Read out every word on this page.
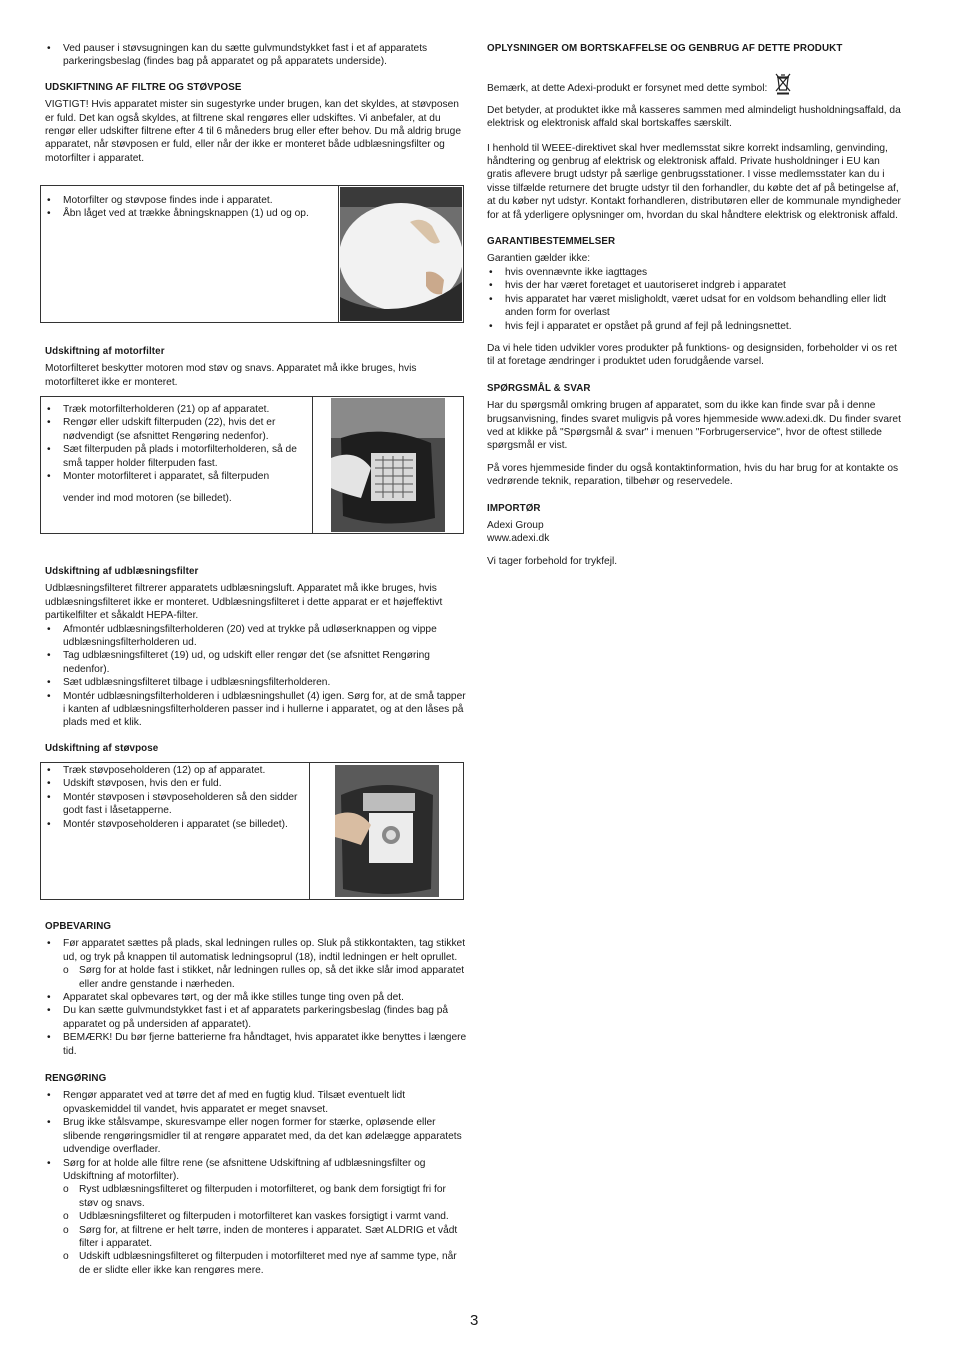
• Ved pauser i støvsugningen kan du sætte gulvmundstykket fast i et af apparatets parkeringsbeslag (findes bag på apparatet og på apparatets underside).
UDSKIFTNING AF FILTRE OG STØVPOSE

VIGTIGT! Hvis apparatet mister sin sugestyrke under brugen, kan det skyldes, at støvposen er fuld. Det kan også skyldes, at filtrene skal rengøres eller udskiftes. Vi anbefaler, at du rengør eller udskifter filtrene efter 4 til 6 måneders brug eller efter behov. Du må aldrig bruge apparatet, når støvposen er fuld, eller når der ikke er monteret både udblæsningsfilter og motorfilter i apparatet.

• Motorfilter og støvpose findes inde i apparatet.
• Åbn låget ved at trække åbningsknappen (1) ud og op.
Udskiftning af motorfilter

Motorfilteret beskytter motoren mod støv og snavs. Apparatet må ikke bruges, hvis motorfilteret ikke er monteret.

• Træk motorfilterholderen (21) op af apparatet.
• Rengør eller udskift filterpuden (22), hvis det er nødvendigt (se afsnittet Rengøring nedenfor).
• Sæt filterpuden på plads i motorfilterholderen, så de små tapper holder filterpuden fast.
• Monter motorfilteret i apparatet, så filterpuden

vender ind mod motoren (se billedet).

Udskiftning af udblæsningsfilter

Udblæsningsfilteret filtrerer apparatets udblæsningsluft. Apparatet må ikke bruges, hvis udblæsningsfilteret ikke er monteret. Udblæsningsfilteret i dette apparat er et højeffektivt partikelfilter et såkaldt HEPA-filter.

• Afmontér udblæsningsfilterholderen (20) ved at trykke på udløserknappen og vippe udblæsningsfilterholderen ud.
• Tag udblæsningsfilteret (19) ud, og udskift eller rengør det (se afsnittet Rengøring nedenfor).
• Sæt udblæsningsfilteret tilbage i udblæsningsfilterholderen.
• Montér udblæsningsfilterholderen i udblæsningshullet (4) igen. Sørg for, at de små tapper i kanten af udblæsningsfilterholderen passer ind i hullerne i apparatet, og at den låses på plads med et klik.
Udskiftning af støvpose
• Træk støvposeholderen (12) op af apparatet.
• Udskift støvposen, hvis den er fuld.
• Montér støvposen i støvposeholderen så den sidder godt fast i låsetapperne.
• Montér støvposeholderen i apparatet (se billedet).
OPBEVARING
• Før apparatet sættes på plads, skal ledningen rulles op. Sluk på stikkontakten, tag stikket ud, og tryk på knappen til automatisk ledningsoprul (18), indtil ledningen er helt oprullet.
o Sørg for at holde fast i stikket, når ledningen rulles op, så det ikke slår imod apparatet eller andre genstande i nærheden.
• Apparatet skal opbevares tørt, og der må ikke stilles tunge ting oven på det.
• Du kan sætte gulvmundstykket fast i et af apparatets parkeringsbeslag (findes bag på apparatet og på undersiden af apparatet).
• BEMÆRK! Du bør fjerne batterierne fra håndtaget, hvis apparatet ikke benyttes i længere tid.
RENGØRING
• Rengør apparatet ved at tørre det af med en fugtig klud. Tilsæt eventuelt lidt opvaskemiddel til vandet, hvis apparatet er meget snavset.
• Brug ikke stålsvampe, skuresvampe eller nogen former for stærke, opløsende eller slibende rengøringsmidler til at rengøre apparatet med, da det kan ødelægge apparatets udvendige overflader.
• Sørg for at holde alle filtre rene (se afsnittene Udskiftning af udblæsningsfilter og Udskiftning af motorfilter).
o Ryst udblæsningsfilteret og filterpuden i motorfilteret, og bank dem forsigtigt fri for støv og snavs.
o Udblæsningsfilteret og filterpuden i motorfilteret kan vaskes forsigtigt i varmt vand.
o Sørg for, at filtrene er helt tørre, inden de monteres i apparatet. Sæt ALDRIG et vådt filter i apparatet.
o Udskift udblæsningsfilteret og filterpuden i motorfilteret med nye af samme type, når de er slidte eller ikke kan rengøres mere.
OPLYSNINGER OM BORTSKAFFELSE OG GENBRUG AF DETTE PRODUKT

Bemærk, at dette Adexi-produkt er forsynet med dette symbol:

Det betyder, at produktet ikke må kasseres sammen med almindeligt husholdningsaffald, da elektrisk og elektronisk affald skal bortskaffes særskilt.

I henhold til WEEE-direktivet skal hver medlemsstat sikre korrekt indsamling, genvinding, håndtering og genbrug af elektrisk og elektronisk affald. Private husholdninger i EU kan gratis aflevere brugt udstyr på særlige genbrugsstationer. I visse medlemsstater kan du i visse tilfælde returnere det brugte udstyr til den forhandler, du købte det af på betingelse af, at du køber nyt udstyr. Kontakt forhandleren, distributøren eller de kommunale myndigheder for at få yderligere oplysninger om, hvordan du skal håndtere elektrisk og elektronisk affald.

GARANTIBESTEMMELSER

Garantien gælder ikke:

• hvis ovennævnte ikke iagttages
• hvis der har været foretaget et uautoriseret indgreb i apparatet
• hvis apparatet har været misligholdt, været udsat for en voldsom behandling eller lidt anden form for overlast
• hvis fejl i apparatet er opstået på grund af fejl på ledningsnettet.

Da vi hele tiden udvikler vores produkter på funktions- og designsiden, forbeholder vi os ret til at foretage ændringer i produktet uden forudgående varsel.

SPØRGSMÅL & SVAR

Har du spørgsmål omkring brugen af apparatet, som du ikke kan finde svar på i denne brugsanvisning, findes svaret muligvis på vores hjemmeside www.adexi.dk. Du finder svaret ved at klikke på "Spørgsmål & svar" i menuen "Forbrugerservice", hvor de oftest stillede spørgsmål er vist.

På vores hjemmeside finder du også kontaktinformation, hvis du har brug for at kontakte os vedrørende teknik, reparation, tilbehør og reservedele.

IMPORTØR

Adexi Group

www.adexi.dk

Vi tager forbehold for trykfejl.

3
